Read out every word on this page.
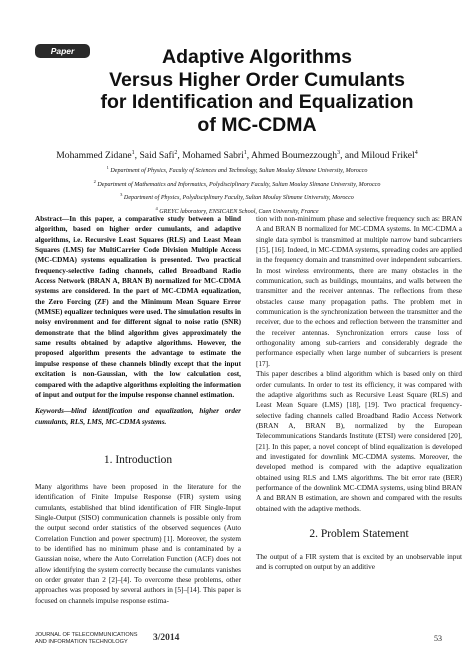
Paper	Adaptive Algorithms
Versus Higher Order Cumulants
for Identification and Equalization
of MC-CDMA
Mohammed Zidane$^1$, Said Safi$^2$, Mohamed Sabri$^1$, Ahmed Boumezzough$^3$, and Miloud Frikel$^4$
$^1$ Department of Physics, Faculty of Sciences and Technology, Sultan Moulay Slimane University, Morocco
$^2$ Department of Mathematics and Informatics, Polydisciplinary Faculty, Sultan Moulay Slimane University, Morocco
$^3$ Department of Physics, Polydisciplinary Faculty, Sultan Moulay Slimane University, Morocco
$^4$ GREYC laboratory, ENSICAEN School, Caen University, France

Abstract—In this paper, a comparative study between a blind algorithm, based on higher order cumulants, and adaptive algorithms, i.e. Recursive Least Squares (RLS) and Least Mean Squares (LMS) for MultiCarrier Code Division Multiple Access (MC-CDMA) systems equalization is presented. Two practical frequency-selective fading channels, called Broadband Radio Access Network (BRAN A, BRAN B) normalized for MC-CDMA systems are considered. In the part of MC-CDMA equalization, the Zero Forcing (ZF) and the Minimum Mean Square Error (MMSE) equalizer techniques were used. The simulation results in noisy environment and for different signal to noise ratio (SNR) demonstrate that the blind algorithm gives approximately the same results obtained by adaptive algorithms. However, the proposed algorithm presents the advantage to estimate the impulse response of these channels blindly except that the input excitation is non-Gaussian, with the low calculation cost, compared with the adaptive algorithms exploiting the information of input and output for the impulse response channel estimation.

Keywords—blind identification and equalization, higher order cumulants, RLS, LMS, MC-CDMA systems.

1. Introduction

Many algorithms have been proposed in the literature for the identification of Finite Impulse Response (FIR) system using cumulants, established that blind identification of FIR Single-Input Single-Output (SISO) communication channels is possible only from the output second order statistics of the observed sequences (Auto Correlation Function and power spectrum) [1]. Moreover, the system to be identified has no minimum phase and is contaminated by a Gaussian noise, where the Auto Correlation Function (ACF) does not allow identifying the system correctly because the cumulants vanishes on order greater than 2 [2]–[4]. To overcome these problems, other approaches was proposed by several authors in [5]–[14]. This paper is focused on channels impulse response estima-

tion with non-minimum phase and selective frequency such as: BRAN A and BRAN B normalized for MC-CDMA systems. In MC-CDMA a single data symbol is transmitted at multiple narrow band subcarriers [15], [16]. Indeed, in MC-CDMA systems, spreading codes are applied in the frequency domain and transmitted over independent subcarriers. In most wireless environments, there are many obstacles in the communication, such as buildings, mountains, and walls between the transmitter and the receiver antennas. The reflections from these obstacles cause many propagation paths. The problem met in communication is the synchronization between the transmitter and the receiver, due to the echoes and reflection between the transmitter and the receiver antennas. Synchronization errors cause loss of orthogonality among sub-carriers and considerably degrade the performance especially when large number of subcarriers is present [17].

This paper describes a blind algorithm which is based only on third order cumulants. In order to test its efficiency, it was compared with the adaptive algorithms such as Recursive Least Square (RLS) and Least Mean Square (LMS) [18], [19]. Two practical frequency-selective fading channels called Broadband Radio Access Network (BRAN A, BRAN B), normalized by the European Telecommunications Standards Institute (ETSI) were considered [20], [21]. In this paper, a novel concept of blind equalization is developed and investigated for downlink MC-CDMA systems. Moreover, the developed method is compared with the adaptive equalization obtained using RLS and LMS algorithms. The bit error rate (BER) performance of the downlink MC-CDMA systems, using blind BRAN A and BRAN B estimation, are shown and compared with the results obtained with the adaptive methods.

2. Problem Statement

The output of a FIR system that is excited by an unobservable input and is corrupted on output by an additive

JOURNAL OF TELECOMMUNICATIONS
AND INFORMATION TECHNOLOGY	3/2014	53
